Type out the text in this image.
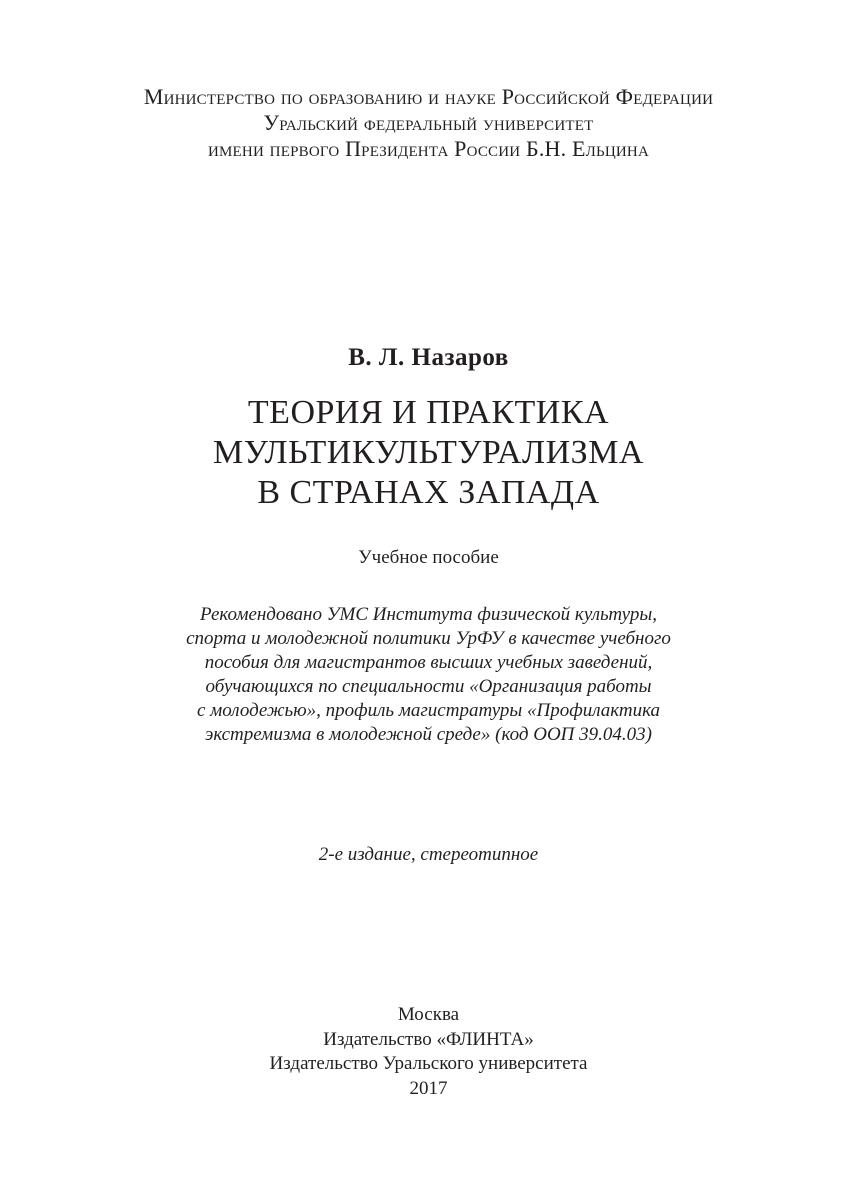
Министерство по образованию и науке Российской Федерации
Уральский федеральный университет
имени первого Президента России Б.Н. Ельцина
В. Л. Назаров
ТЕОРИЯ И ПРАКТИКА
МУЛЬТИКУЛЬТУРАЛИЗМА
В СТРАНАХ ЗАПАДА
Учебное пособие
Рекомендовано УМС Института физической культуры,
спорта и молодежной политики УрФУ в качестве учебного
пособия для магистрантов высших учебных заведений,
обучающихся по специальности «Организация работы
с молодежью», профиль магистратуры «Профилактика
экстремизма в молодежной среде» (код ООП 39.04.03)
2-е издание, стереотипное
Москва
Издательство «ФЛИНТА»
Издательство Уральского университета
2017
